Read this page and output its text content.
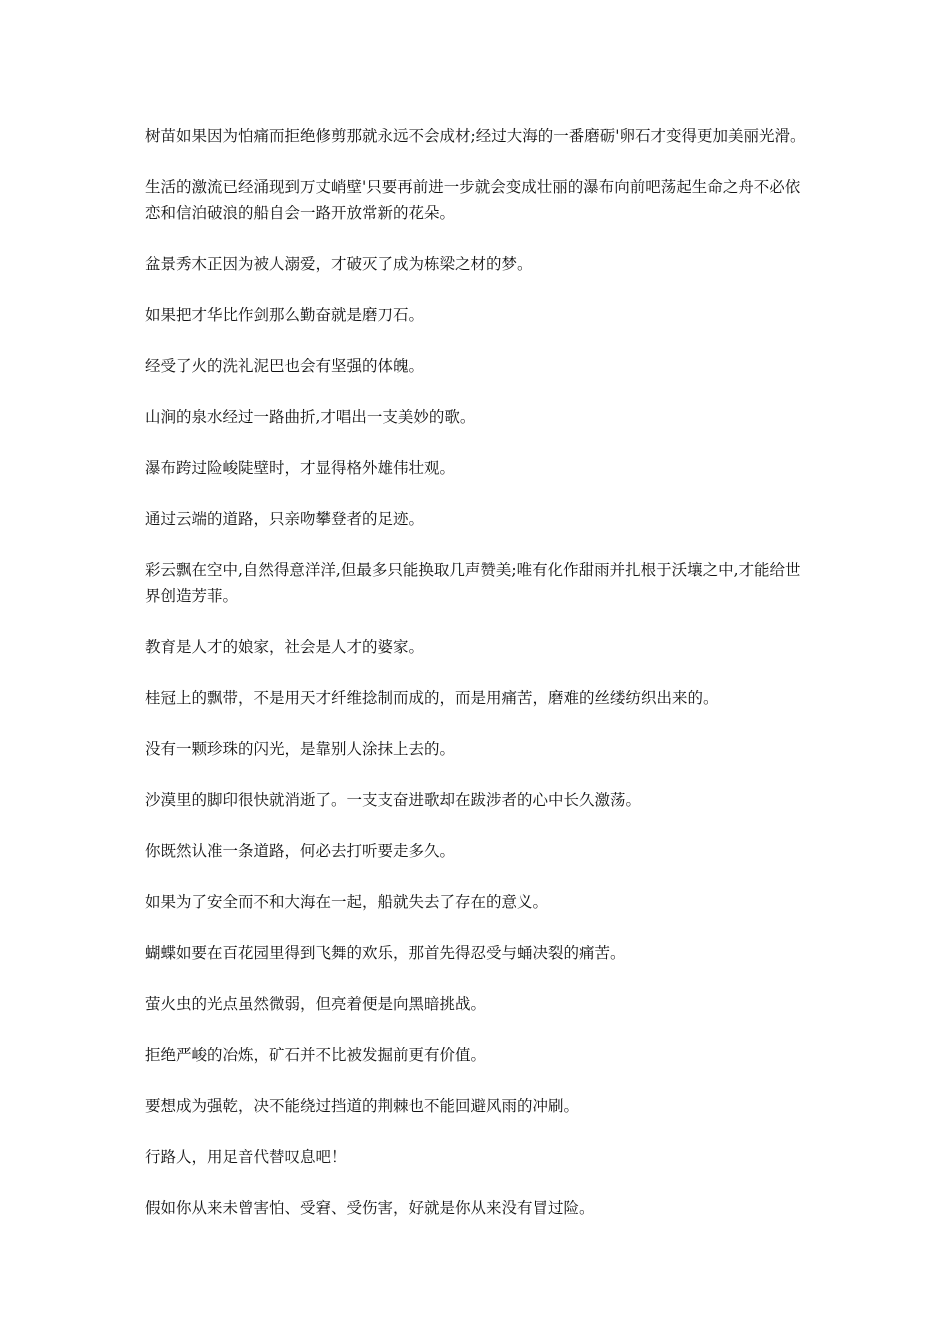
树苗如果因为怕痛而拒绝修剪那就永远不会成材;经过大海的一番磨砺'卵石才变得更加美丽光滑。

生活的激流已经涌现到万丈峭壁'只要再前进一步就会变成壮丽的瀑布向前吧荡起生命之舟不必依恋和信泊破浪的船自会一路开放常新的花朵。

盆景秀木正因为被人溺爱，才破灭了成为栋梁之材的梦。

如果把才华比作剑那么勤奋就是磨刀石。

经受了火的洗礼泥巴也会有坚强的体魄。

山涧的泉水经过一路曲折,才唱出一支美妙的歌。

瀑布跨过险峻陡壁时，才显得格外雄伟壮观。

通过云端的道路，只亲吻攀登者的足迹。

彩云飘在空中,自然得意洋洋,但最多只能换取几声赞美;唯有化作甜雨并扎根于沃壤之中,才能给世界创造芳菲。

教育是人才的娘家，社会是人才的婆家。

桂冠上的飘带，不是用天才纤维捻制而成的，而是用痛苦，磨难的丝缕纺织出来的。

没有一颗珍珠的闪光，是靠别人涂抹上去的。

沙漠里的脚印很快就消逝了。一支支奋进歌却在跋涉者的心中长久激荡。

你既然认准一条道路，何必去打听要走多久。

如果为了安全而不和大海在一起，船就失去了存在的意义。

蝴蝶如要在百花园里得到飞舞的欢乐，那首先得忍受与蛹决裂的痛苦。

萤火虫的光点虽然微弱，但亮着便是向黑暗挑战。

拒绝严峻的冶炼，矿石并不比被发掘前更有价值。

要想成为强乾，决不能绕过挡道的荆棘也不能回避风雨的冲刷。

行路人，用足音代替叹息吧！

假如你从来未曾害怕、受窘、受伤害，好就是你从来没有冒过险。
